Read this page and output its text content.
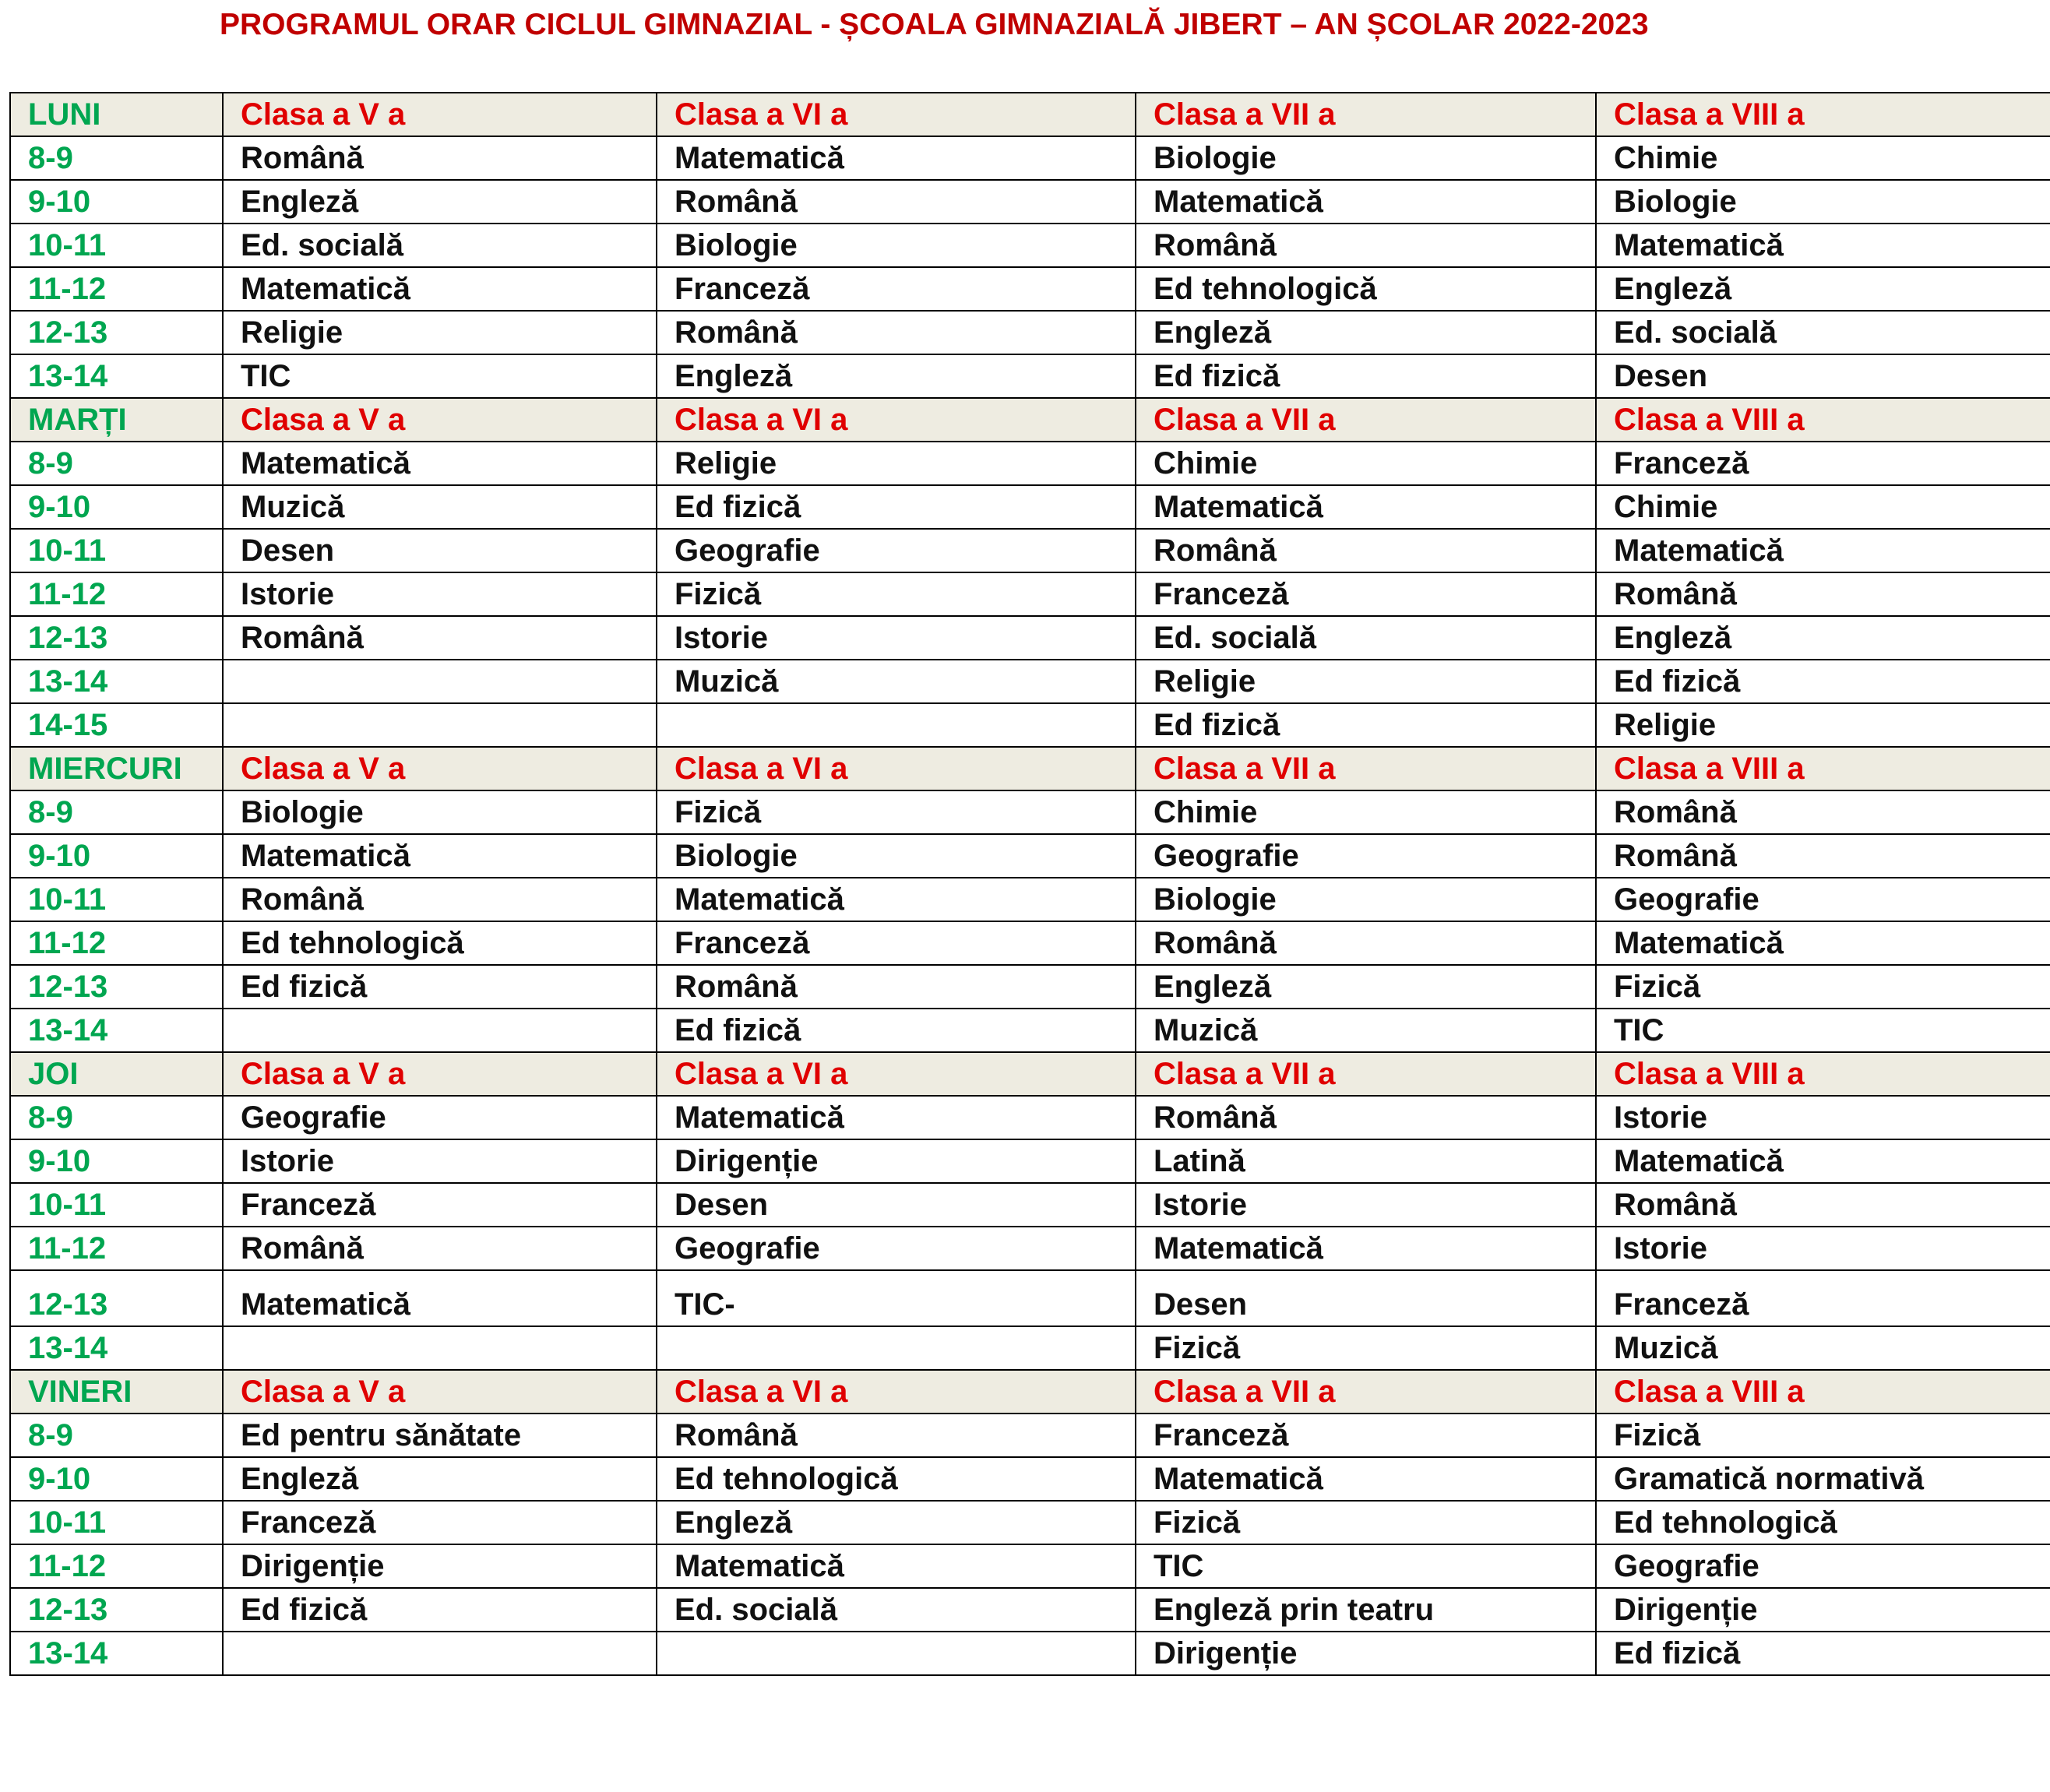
PROGRAMUL ORAR CICLUL GIMNAZIAL - ȘCOALA GIMNAZIALĂ JIBERT – AN ȘCOLAR 2022-2023
LUNI	Clasa a V a	Clasa a VI a	Clasa a VII a	Clasa a VIII a
8-9	Română	Matematică	Biologie	Chimie
9-10	Engleză	Română	Matematică	Biologie
10-11	Ed. socială	Biologie	Română	Matematică
11-12	Matematică	Franceză	Ed tehnologică	Engleză
12-13	Religie	Română	Engleză	Ed. socială
13-14	TIC	Engleză	Ed fizică	Desen
MARȚI	Clasa a V a	Clasa a VI a	Clasa a VII a	Clasa a VIII a
8-9	Matematică	Religie	Chimie	Franceză
9-10	Muzică	Ed fizică	Matematică	Chimie
10-11	Desen	Geografie	Română	Matematică
11-12	Istorie	Fizică	Franceză	Română
12-13	Română	Istorie	Ed. socială	Engleză
13-14		Muzică	Religie	Ed fizică
14-15			Ed fizică	Religie
MIERCURI	Clasa a V a	Clasa a VI a	Clasa a VII a	Clasa a VIII a
8-9	Biologie	Fizică	Chimie	Română
9-10	Matematică	Biologie	Geografie	Română
10-11	Română	Matematică	Biologie	Geografie
11-12	Ed tehnologică	Franceză	Română	Matematică
12-13	Ed fizică	Română	Engleză	Fizică
13-14		Ed fizică	Muzică	TIC
JOI	Clasa a V a	Clasa a VI a	Clasa a VII a	Clasa a VIII a
8-9	Geografie	Matematică	Română	Istorie
9-10	Istorie	Dirigenție	Latină	Matematică
10-11	Franceză	Desen	Istorie	Română
11-12	Română	Geografie	Matematică	Istorie
12-13	Matematică	TIC-	Desen	Franceză
13-14			Fizică	Muzică
VINERI	Clasa a V a	Clasa a VI a	Clasa a VII a	Clasa a VIII a
8-9	Ed pentru sănătate	Română	Franceză	Fizică
9-10	Engleză	Ed tehnologică	Matematică	Gramatică normativă
10-11	Franceză	Engleză	Fizică	Ed tehnologică
11-12	Dirigenție	Matematică	TIC	Geografie
12-13	Ed fizică	Ed. socială	Engleză prin teatru	Dirigenție
13-14			Dirigenție	Ed fizică
